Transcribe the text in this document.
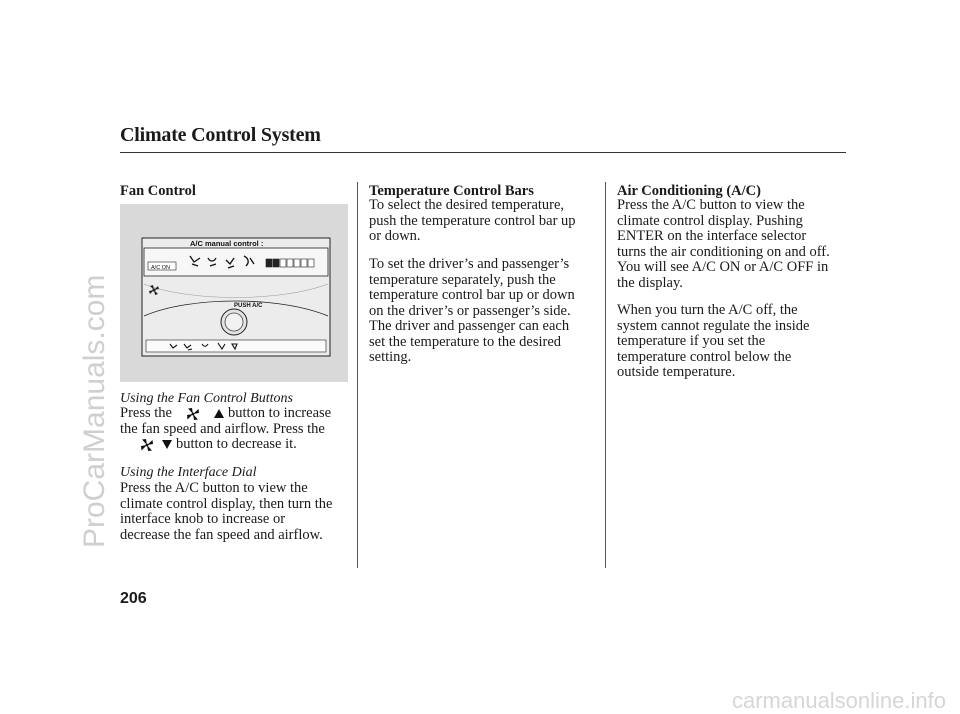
Climate Control System
Fan Control
A/C manual control :
A/C ON
PUSH A/C
Using the Fan Control Buttons
Press the	button to increase
the fan speed and airflow. Press the
button to decrease it.
Using the Interface Dial
Press the A/C button to view the
climate control display, then turn the
interface knob to increase or
decrease the fan speed and airflow.
Temperature Control Bars
To select the desired temperature,
push the temperature control bar up
or down.
To set the driver’s and passenger’s
temperature separately, push the
temperature control bar up or down
on the driver’s or passenger’s side.
The driver and passenger can each
set the temperature to the desired
setting.
Air Conditioning (A/C)
Press the A/C button to view the
climate control display. Pushing
ENTER on the interface selector
turns the air conditioning on and off.
You will see A/C ON or A/C OFF in
the display.
When you turn the A/C off, the
system cannot regulate the inside
temperature if you set the
temperature control below the
outside temperature.
206
ProCarManuals.com
carmanualsonline.info
